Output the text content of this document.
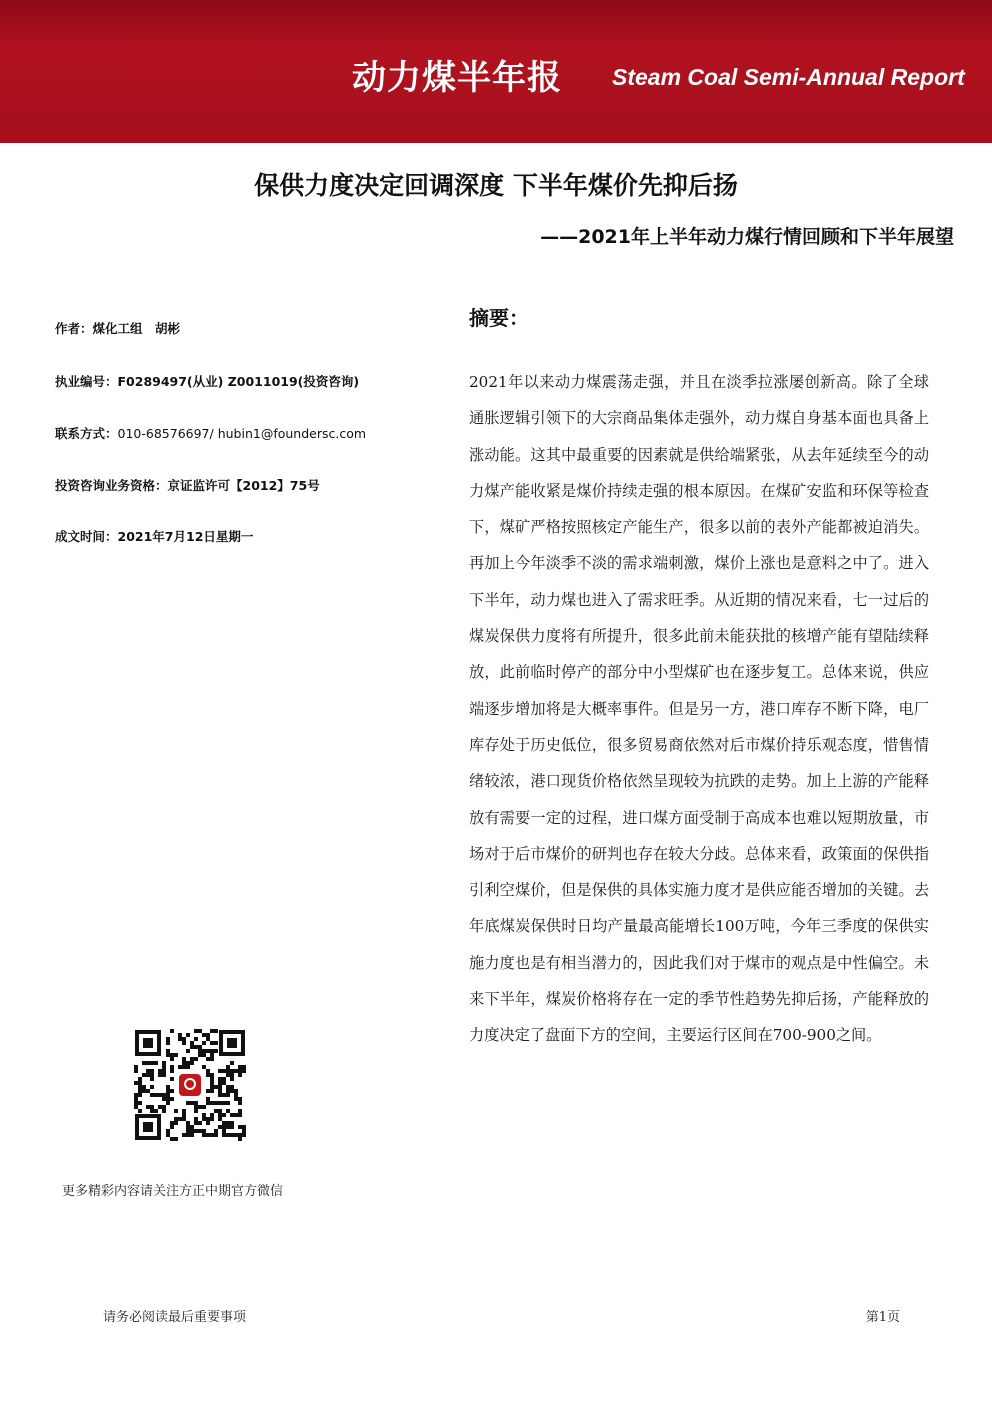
动力煤半年报	Steam Coal Semi-Annual Report
保供力度决定回调深度 下半年煤价先抑后扬
——2021年上半年动力煤行情回顾和下半年展望
作者：煤化工组　胡彬
执业编号：F0289497(从业) Z0011019(投资咨询)
联系方式：010-68576697/ hubin1@foundersc.com
投资咨询业务资格：京证监许可【2012】75号
成文时间：2021年7月12日星期一
摘要：

2021年以来动力煤震荡走强，并且在淡季拉涨屡创新高。除了全球通胀逻辑引领下的大宗商品集体走强外，动力煤自身基本面也具备上涨动能。这其中最重要的因素就是供给端紧张，从去年延续至今的动力煤产能收紧是煤价持续走强的根本原因。在煤矿安监和环保等检查下，煤矿严格按照核定产能生产，很多以前的表外产能都被迫消失。再加上今年淡季不淡的需求端刺激，煤价上涨也是意料之中了。进入下半年，动力煤也进入了需求旺季。从近期的情况来看，七一过后的煤炭保供力度将有所提升，很多此前未能获批的核增产能有望陆续释放，此前临时停产的部分中小型煤矿也在逐步复工。总体来说，供应端逐步增加将是大概率事件。但是另一方，港口库存不断下降，电厂库存处于历史低位，很多贸易商依然对后市煤价持乐观态度，惜售情绪较浓，港口现货价格依然呈现较为抗跌的走势。加上上游的产能释放有需要一定的过程，进口煤方面受制于高成本也难以短期放量，市场对于后市煤价的研判也存在较大分歧。总体来看，政策面的保供指引利空煤价，但是保供的具体实施力度才是供应能否增加的关键。去年底煤炭保供时日均产量最高能增长100万吨，今年三季度的保供实施力度也是有相当潜力的，因此我们对于煤市的观点是中性偏空。未来下半年，煤炭价格将存在一定的季节性趋势先抑后扬，产能释放的力度决定了盘面下方的空间，主要运行区间在700-900之间。

更多精彩内容请关注方正中期官方微信
请务必阅读最后重要事项	第1页
